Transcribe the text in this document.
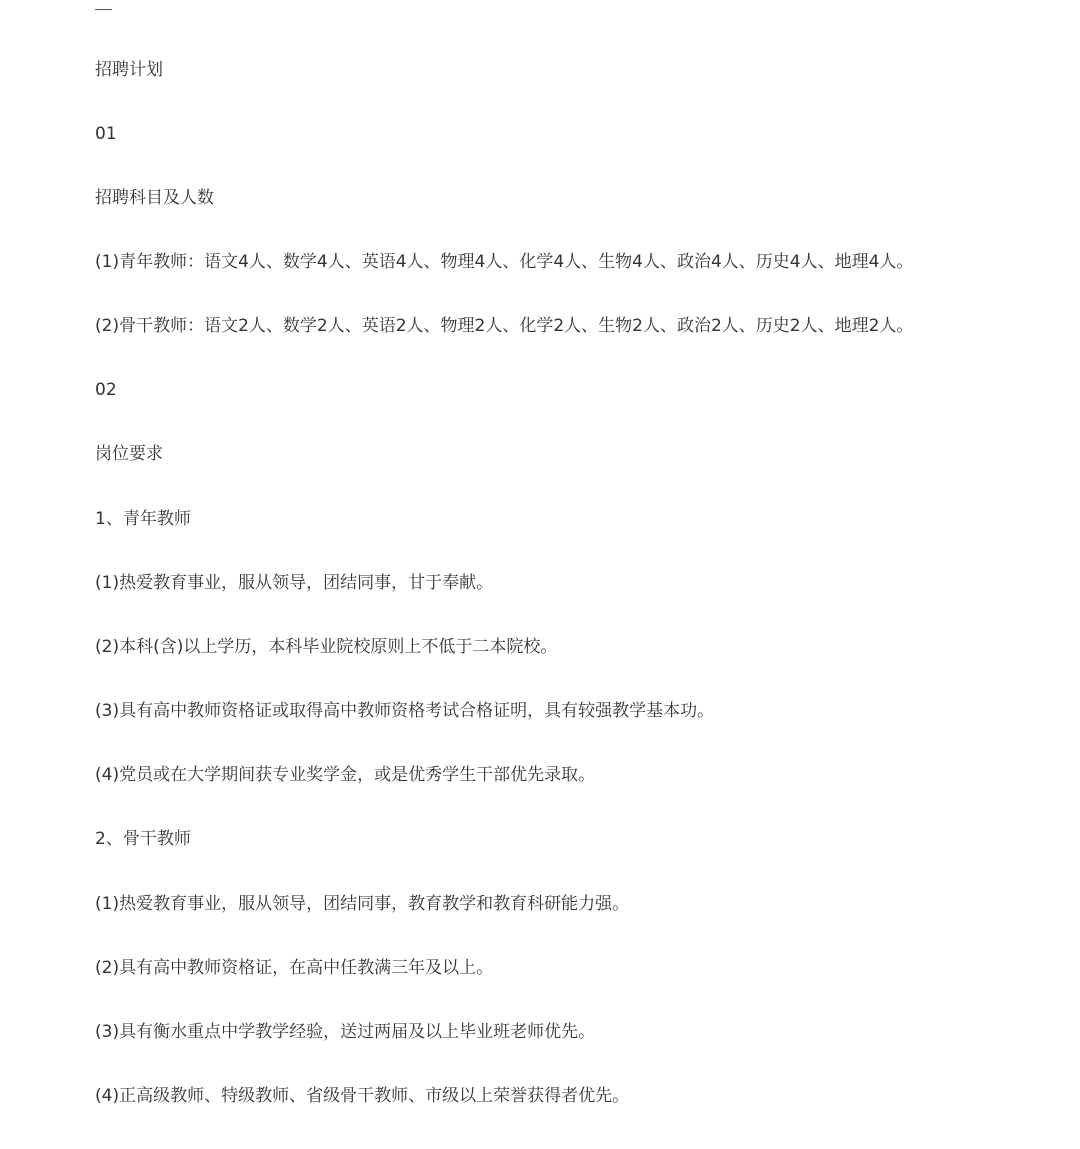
招聘计划
01
招聘科目及人数
(1)青年教师：语文4人、数学4人、英语4人、物理4人、化学4人、生物4人、政治4人、历史4人、地理4人。
(2)骨干教师：语文2人、数学2人、英语2人、物理2人、化学2人、生物2人、政治2人、历史2人、地理2人。
02
岗位要求
1、青年教师
(1)热爱教育事业，服从领导，团结同事，甘于奉献。
(2)本科(含)以上学历，本科毕业院校原则上不低于二本院校。
(3)具有高中教师资格证或取得高中教师资格考试合格证明，具有较强教学基本功。
(4)党员或在大学期间获专业奖学金，或是优秀学生干部优先录取。
2、骨干教师
(1)热爱教育事业，服从领导，团结同事，教育教学和教育科研能力强。
(2)具有高中教师资格证，在高中任教满三年及以上。
(3)具有衡水重点中学教学经验，送过两届及以上毕业班老师优先。
(4)正高级教师、特级教师、省级骨干教师、市级以上荣誉获得者优先。
